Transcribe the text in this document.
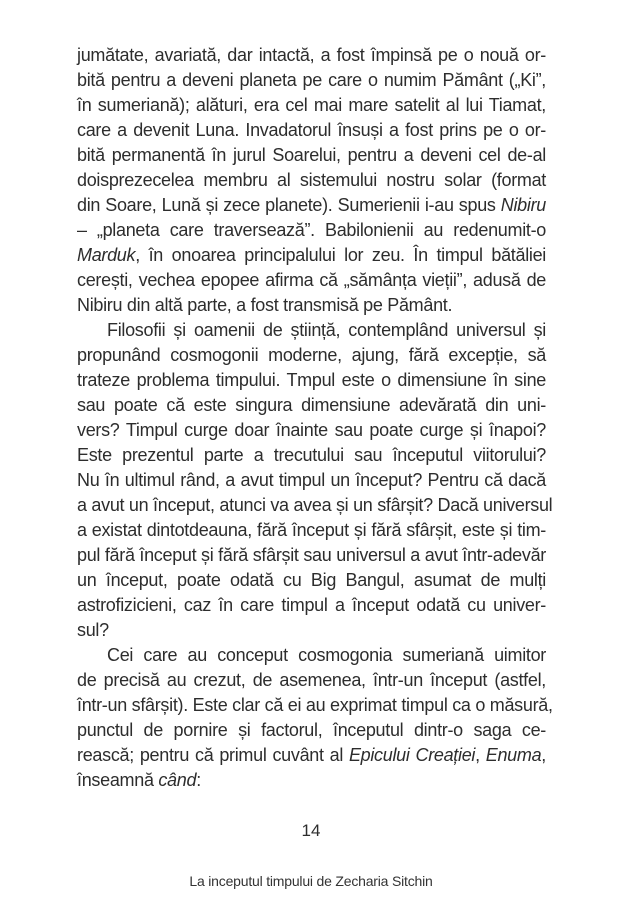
jumătate, avariată, dar intactă, a fost împinsă pe o nouă or-
bită pentru a deveni planeta pe care o numim Pământ („Ki”,
în sumeriană); alături, era cel mai mare satelit al lui Tiamat,
care a devenit Luna. Invadatorul însuși a fost prins pe o or-
bită permanentă în jurul Soarelui, pentru a deveni cel de-al
doisprezecelea membru al sistemului nostru solar (format
din Soare, Lună și zece planete). Sumerienii i-au spus Nibiru
– „planeta care traversează”. Babilonienii au redenumit-o
Marduk, în onoarea principalului lor zeu. În timpul bătăliei
cerești, vechea epopee afirma că „sămânța vieții”, adusă de
Nibiru din altă parte, a fost transmisă pe Pământ.
Filosofii și oamenii de știință, contemplând universul și
propunând cosmogonii moderne, ajung, fără excepție, să
trateze problema timpului. Tmpul este o dimensiune în sine
sau poate că este singura dimensiune adevărată din uni-
vers? Timpul curge doar înainte sau poate curge și înapoi?
Este prezentul parte a trecutului sau începutul viitorului?
Nu în ultimul rând, a avut timpul un început? Pentru că dacă
a avut un început, atunci va avea și un sfârșit? Dacă universul
a existat dintotdeauna, fără început și fără sfârșit, este și tim-
pul fără început și fără sfârșit sau universul a avut într-adevăr
un început, poate odată cu Big Bangul, asumat de mulți
astrofizicieni, caz în care timpul a început odată cu univer-
sul?
Cei care au conceput cosmogonia sumeriană uimitor
de precisă au crezut, de asemenea, într-un început (astfel,
într-un sfârșit). Este clar că ei au exprimat timpul ca o măsură,
punctul de pornire și factorul, începutul dintr-o saga ce-
rească; pentru că primul cuvânt al Epicului Creației, Enuma,
înseamnă când:
14
La inceputul timpului de Zecharia Sitchin
